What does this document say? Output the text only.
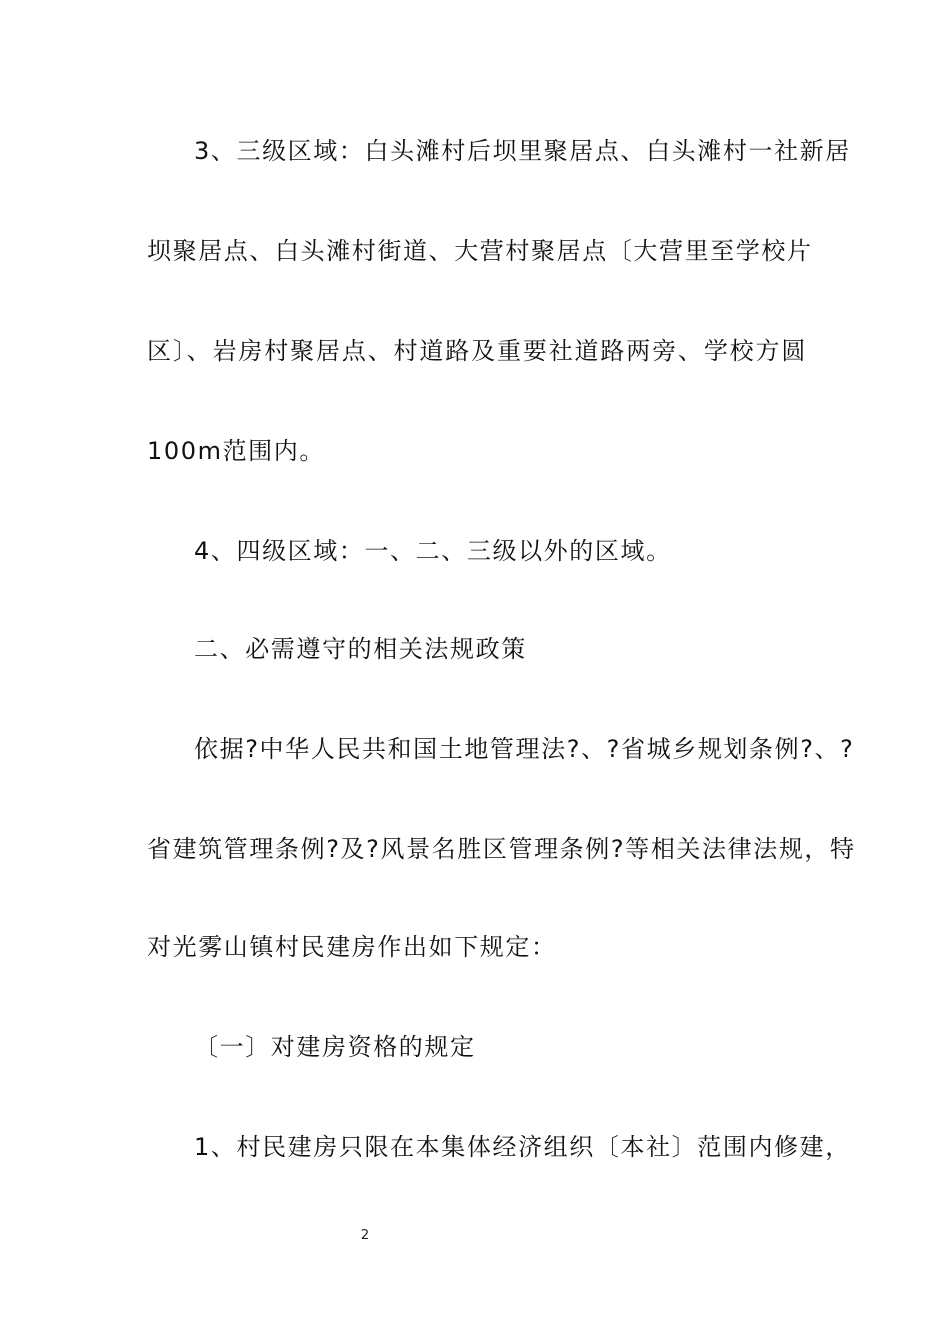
3、三级区域：白头滩村后坝里聚居点、白头滩村一社新居
坝聚居点、白头滩村街道、大营村聚居点〔大营里至学校片
区〕、岩房村聚居点、村道路及重要社道路两旁、学校方圆
100m范围内。
4、四级区域：一、二、三级以外的区域。
二、必需遵守的相关法规政策
依据?中华人民共和国土地管理法?、?省城乡规划条例?、?
省建筑管理条例?及?风景名胜区管理条例?等相关法律法规，特
对光雾山镇村民建房作出如下规定：
〔一〕对建房资格的规定
1、村民建房只限在本集体经济组织〔本社〕范围内修建，
2
